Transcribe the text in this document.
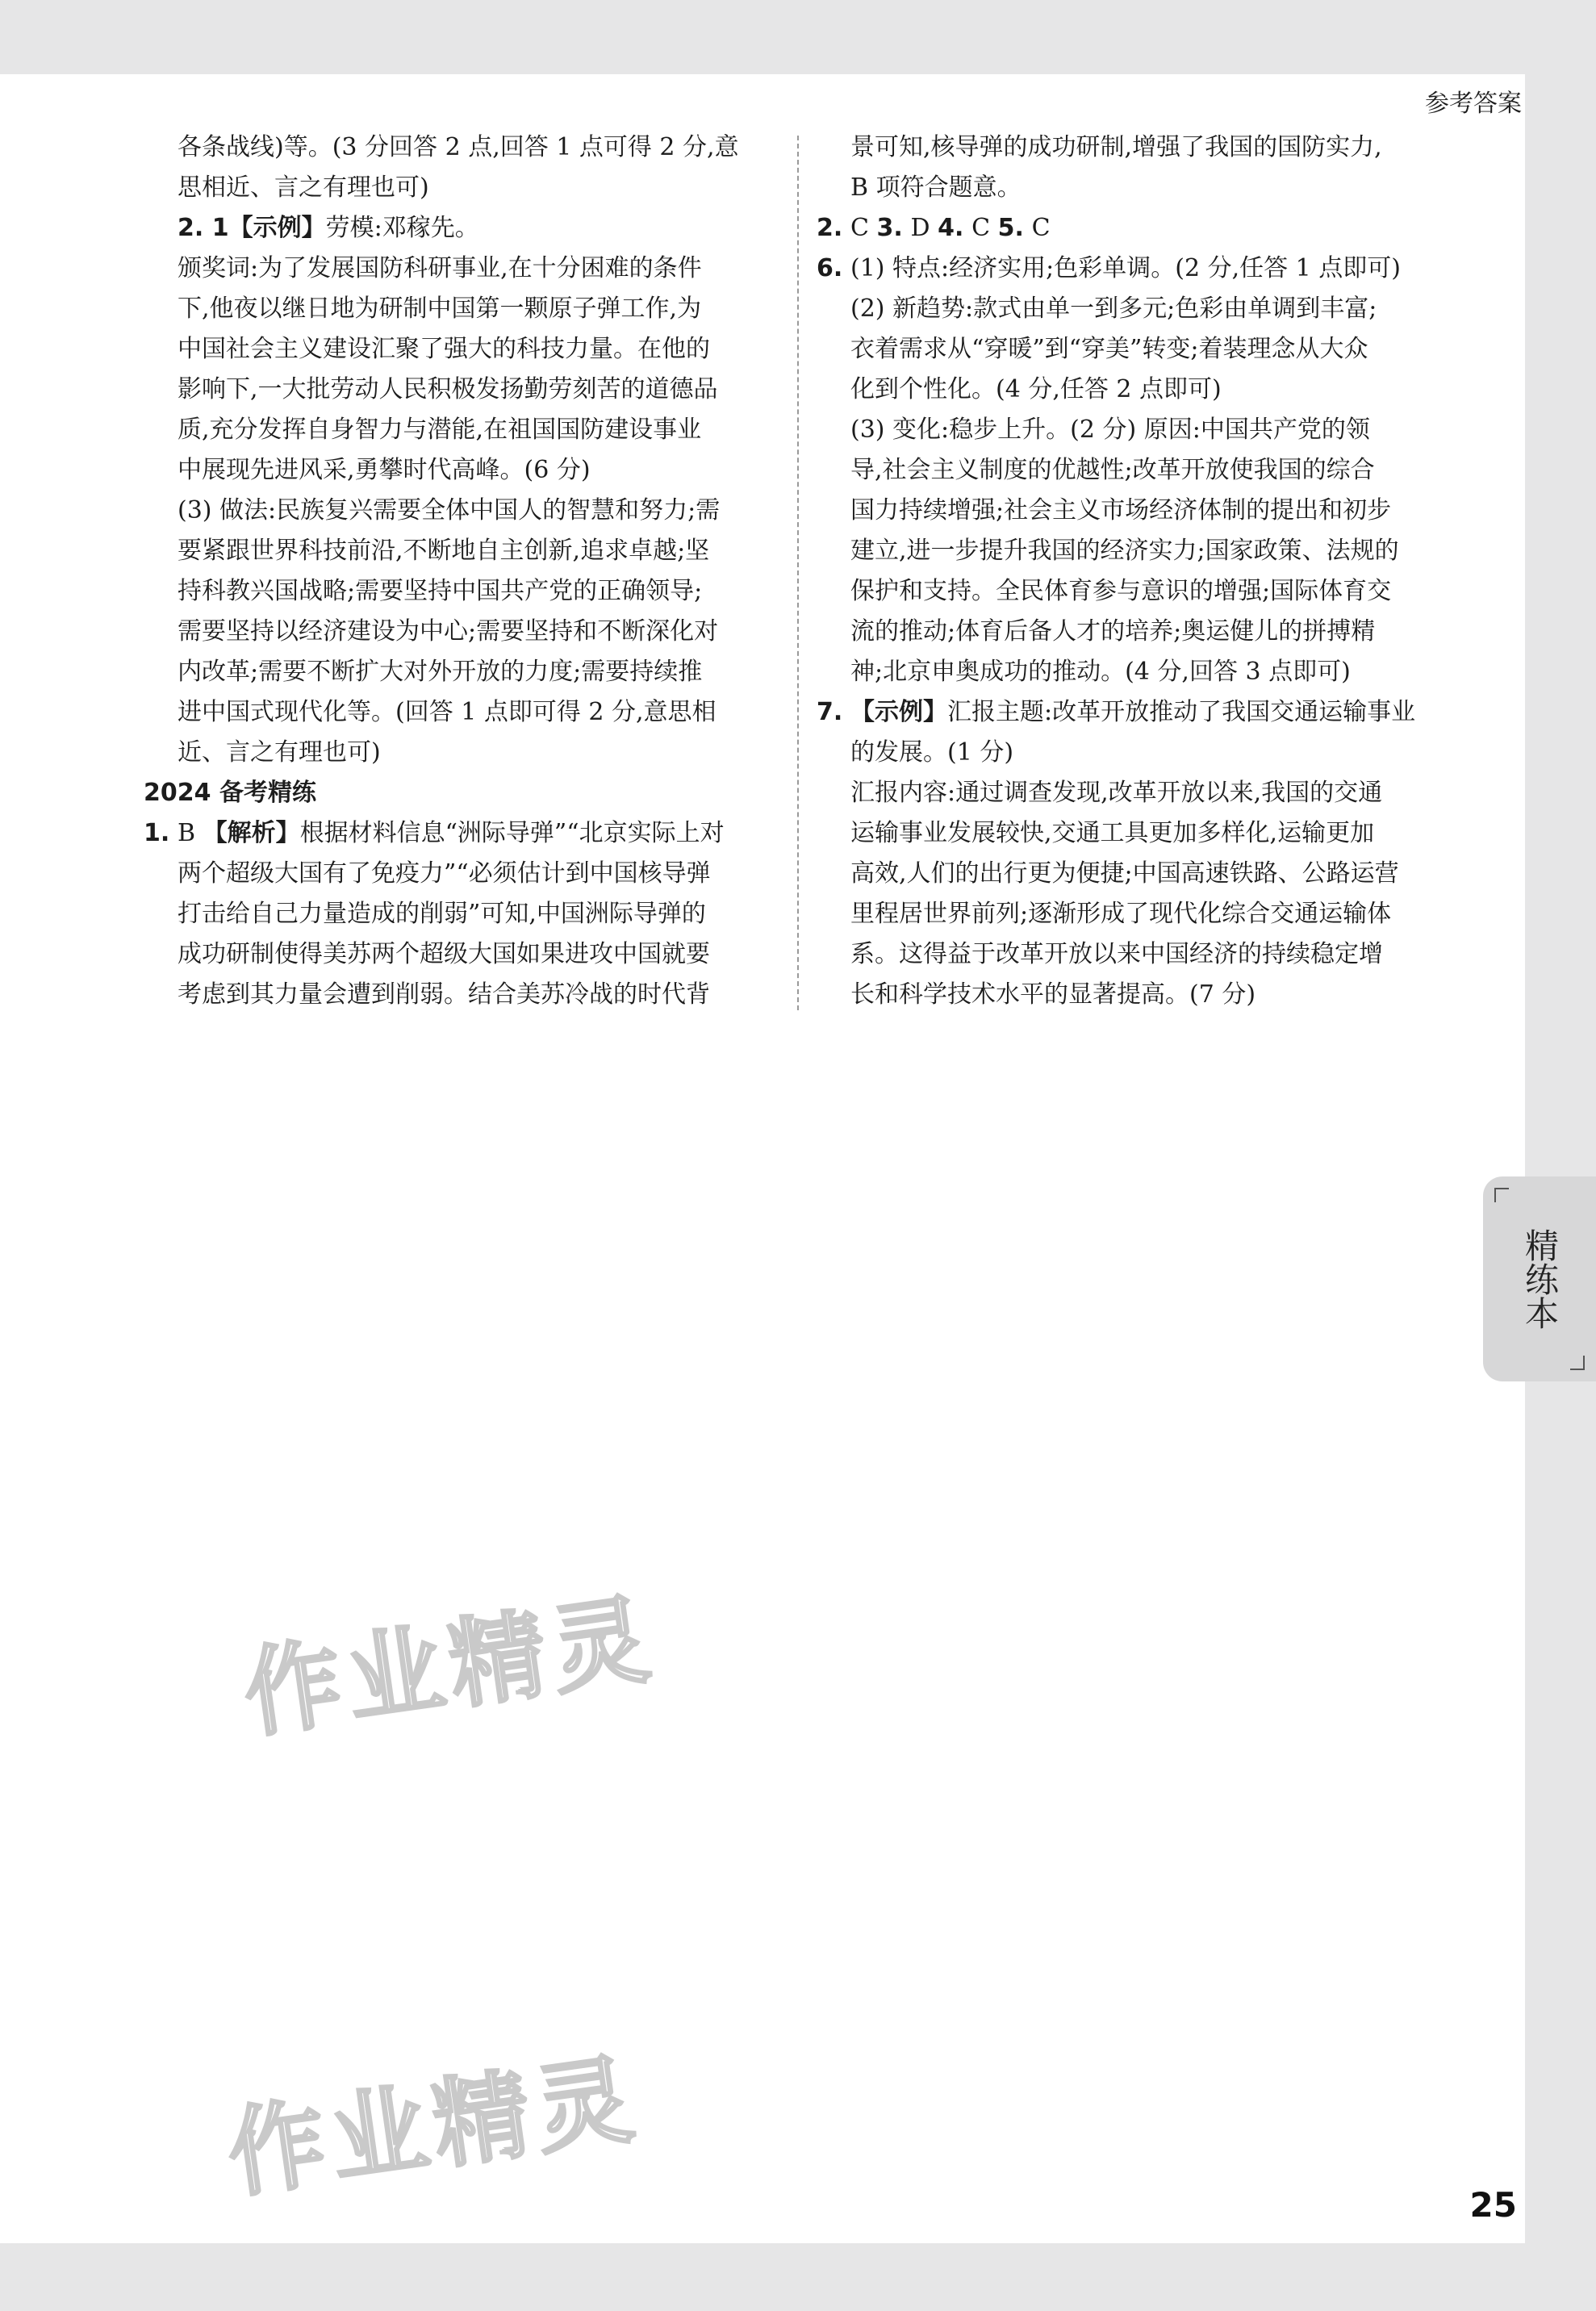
参考答案
各条战线)等。(3 分回答 2 点,回答 1 点可得 2 分,意
思相近、言之有理也可)
2. 1【示例】劳模:邓稼先。
颁奖词:为了发展国防科研事业,在十分困难的条件
下,他夜以继日地为研制中国第一颗原子弹工作,为
中国社会主义建设汇聚了强大的科技力量。在他的
影响下,一大批劳动人民积极发扬勤劳刻苦的道德品
质,充分发挥自身智力与潜能,在祖国国防建设事业
中展现先进风采,勇攀时代高峰。(6 分)
(3) 做法:民族复兴需要全体中国人的智慧和努力;需
要紧跟世界科技前沿,不断地自主创新,追求卓越;坚
持科教兴国战略;需要坚持中国共产党的正确领导;
需要坚持以经济建设为中心;需要坚持和不断深化对
内改革;需要不断扩大对外开放的力度;需要持续推
进中国式现代化等。(回答 1 点即可得 2 分,意思相
近、言之有理也可)
2024 备考精练
1. B 【解析】根据材料信息“洲际导弹”“北京实际上对
两个超级大国有了免疫力”“必须估计到中国核导弹
打击给自己力量造成的削弱”可知,中国洲际导弹的
成功研制使得美苏两个超级大国如果进攻中国就要
考虑到其力量会遭到削弱。结合美苏冷战的时代背
景可知,核导弹的成功研制,增强了我国的国防实力,
B 项符合题意。
2. C 3. D 4. C 5. C
6. (1) 特点:经济实用;色彩单调。(2 分,任答 1 点即可)
(2) 新趋势:款式由单一到多元;色彩由单调到丰富;
衣着需求从“穿暖”到“穿美”转变;着装理念从大众
化到个性化。(4 分,任答 2 点即可)
(3) 变化:稳步上升。(2 分) 原因:中国共产党的领
导,社会主义制度的优越性;改革开放使我国的综合
国力持续增强;社会主义市场经济体制的提出和初步
建立,进一步提升我国的经济实力;国家政策、法规的
保护和支持。全民体育参与意识的增强;国际体育交
流的推动;体育后备人才的培养;奥运健儿的拼搏精
神;北京申奥成功的推动。(4 分,回答 3 点即可)
7. 【示例】汇报主题:改革开放推动了我国交通运输事业
的发展。(1 分)
汇报内容:通过调查发现,改革开放以来,我国的交通
运输事业发展较快,交通工具更加多样化,运输更加
高效,人们的出行更为便捷;中国高速铁路、公路运营
里程居世界前列;逐渐形成了现代化综合交通运输体
系。这得益于改革开放以来中国经济的持续稳定增
长和科学技术水平的显著提高。(7 分)
作业精灵
作业精灵
精练本
25
